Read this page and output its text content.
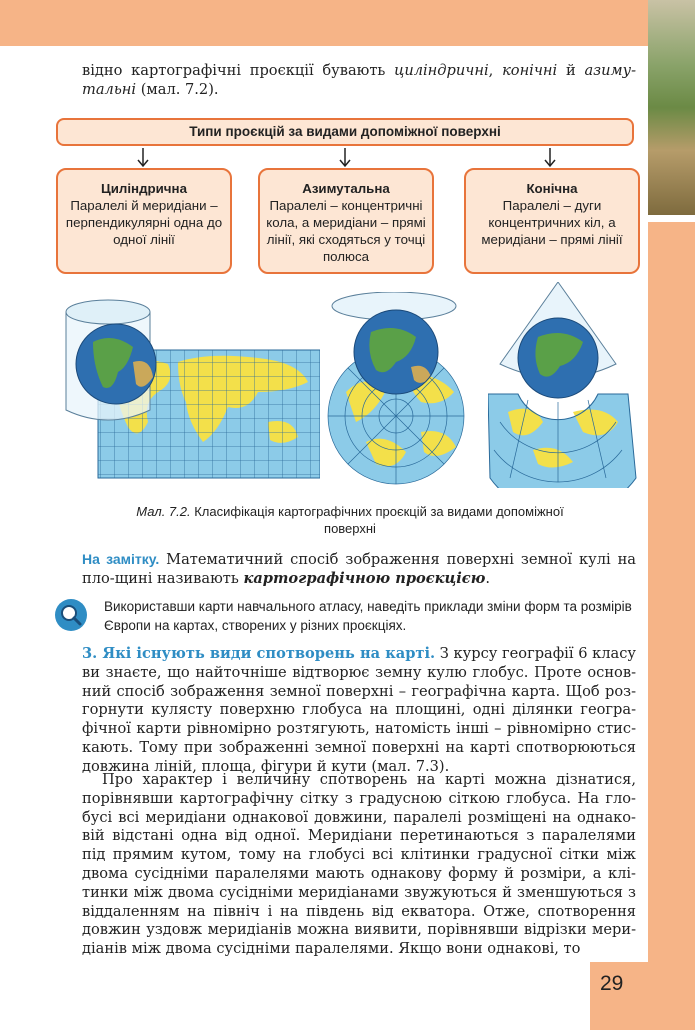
відно картографічні проєкції бувають циліндричні, конічні й азиму-тальні (мал. 7.2).
Типи проєкцій за видами допоміжної поверхні
Циліндрична
Паралелі й меридіани – перпендикулярні одна до одної лінії
Азимутальна
Паралелі – концентричні кола, а меридіани – прямі лінії, які сходяться у точці полюса
Конічна
Паралелі – дуги концентричних кіл, а меридіани – прямі лінії
Мал. 7.2. Класифікація картографічних проєкцій за видами допоміжної поверхні
На замітку. Математичний спосіб зображення поверхні земної кулі на пло-щині називають картографічною проєкцією.
Використавши карти навчального атласу, наведіть приклади зміни форм та розмірів Європи на картах, створених у різних проєкціях.
3. Які існують види спотворень на карті. З курсу географії 6 класу ви знаєте, що найточніше відтворює земну кулю глобус. Проте основ-ний спосіб зображення земної поверхні – географічна карта. Щоб роз-горнути кулясту поверхню глобуса на площині, одні ділянки геогра-фічної карти рівномірно розтягують, натомість інші – рівномірно стис-кають. Тому при зображенні земної поверхні на карті спотворюються довжина ліній, площа, фігури й кути (мал. 7.3).
Про характер і величину спотворень на карті можна дізнатися, порівнявши картографічну сітку з градусною сіткою глобуса. На гло-бусі всі меридіани однакової довжини, паралелі розміщені на однако-вій відстані одна від одної. Меридіани перетинаються з паралелями під прямим кутом, тому на глобусі всі клітинки градусної сітки між двома сусідніми паралелями мають однакову форму й розміри, а клі-тинки між двома сусідніми меридіанами звужуються й зменшуються з віддаленням на північ і на південь від екватора. Отже, спотворення довжин уздовж меридіанів можна виявити, порівнявши відрізки мери-діанів між двома сусідніми паралелями. Якщо вони однакові, то
29
